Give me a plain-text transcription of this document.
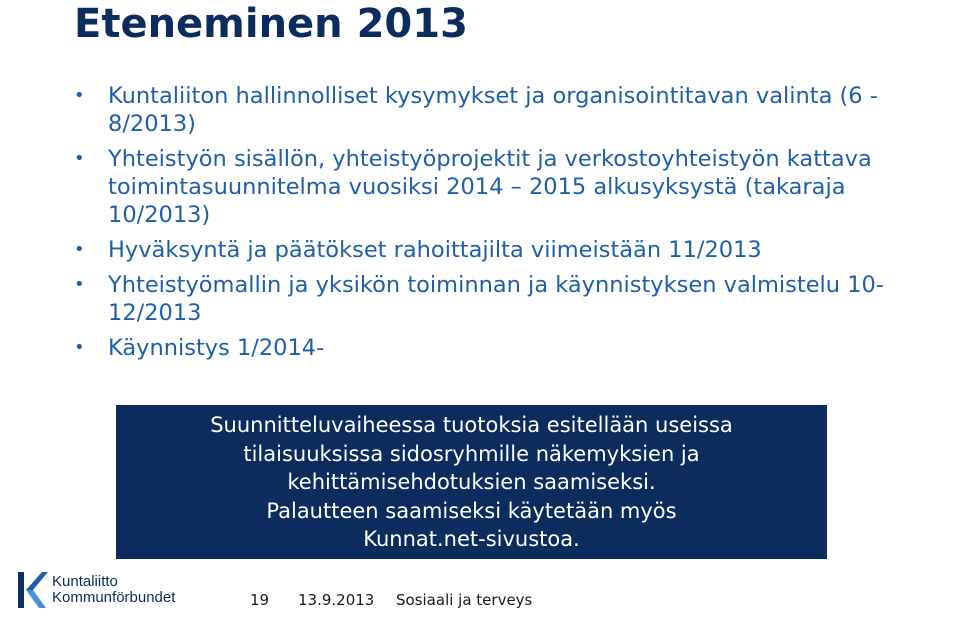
Eteneminen 2013
• Kuntaliiton hallinnolliset kysymykset ja organisointitavan valinta (6 - 8/2013)
• Yhteistyön sisällön, yhteistyöprojektit ja verkostoyhteistyön kattava toimintasuunnitelma vuosiksi 2014 – 2015 alkusyksystä (takaraja 10/2013)
• Hyväksyntä ja päätökset rahoittajilta viimeistään 11/2013
• Yhteistyömallin ja yksikön toiminnan ja käynnistyksen valmistelu 10-12/2013
• Käynnistys 1/2014-
Suunnitteluvaiheessa tuotoksia esitellään useissa
tilaisuuksissa sidosryhmille näkemyksien ja
kehittämisehdotuksien saamiseksi.
Palautteen saamiseksi käytetään myös
Kunnat.net-sivustoa.
Kuntaliitto
Kommunförbundet	19 13.9.2013 Sosiaali ja terveys
